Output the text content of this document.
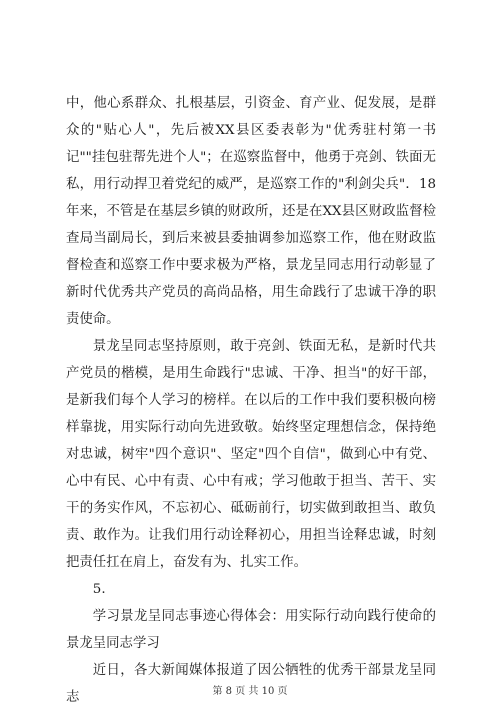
中，他心系群众、扎根基层，引资金、育产业、促发展，是群众的"贴心人"，先后被XX县区委表彰为"优秀驻村第一书记""挂包驻帮先进个人"；在巡察监督中，他勇于亮剑、铁面无私，用行动捍卫着党纪的威严，是巡察工作的"利剑尖兵"．18年来，不管是在基层乡镇的财政所，还是在XX县区财政监督检查局当副局长，到后来被县委抽调参加巡察工作，他在财政监督检查和巡察工作中要求极为严格，景龙呈同志用行动彰显了新时代优秀共产党员的高尚品格，用生命践行了忠诚干净的职责使命。

景龙呈同志坚持原则，敢于亮剑、铁面无私，是新时代共产党员的楷模，是用生命践行"忠诚、干净、担当"的好干部，是新我们每个人学习的榜样。在以后的工作中我们要积极向榜样靠拢，用实际行动向先进致敬。始终坚定理想信念，保持绝对忠诚，树牢"四个意识"、坚定"四个自信"，做到心中有党、心中有民、心中有责、心中有戒；学习他敢于担当、苦干、实干的务实作风，不忘初心、砥砺前行，切实做到敢担当、敢负责、敢作为。让我们用行动诠释初心，用担当诠释忠诚，时刻把责任扛在肩上，奋发有为、扎实工作。

5.

学习景龙呈同志事迹心得体会：用实际行动向践行使命的景龙呈同志学习

近日，各大新闻媒体报道了因公牺牲的优秀干部景龙呈同志	第 8 页 共 10 页
